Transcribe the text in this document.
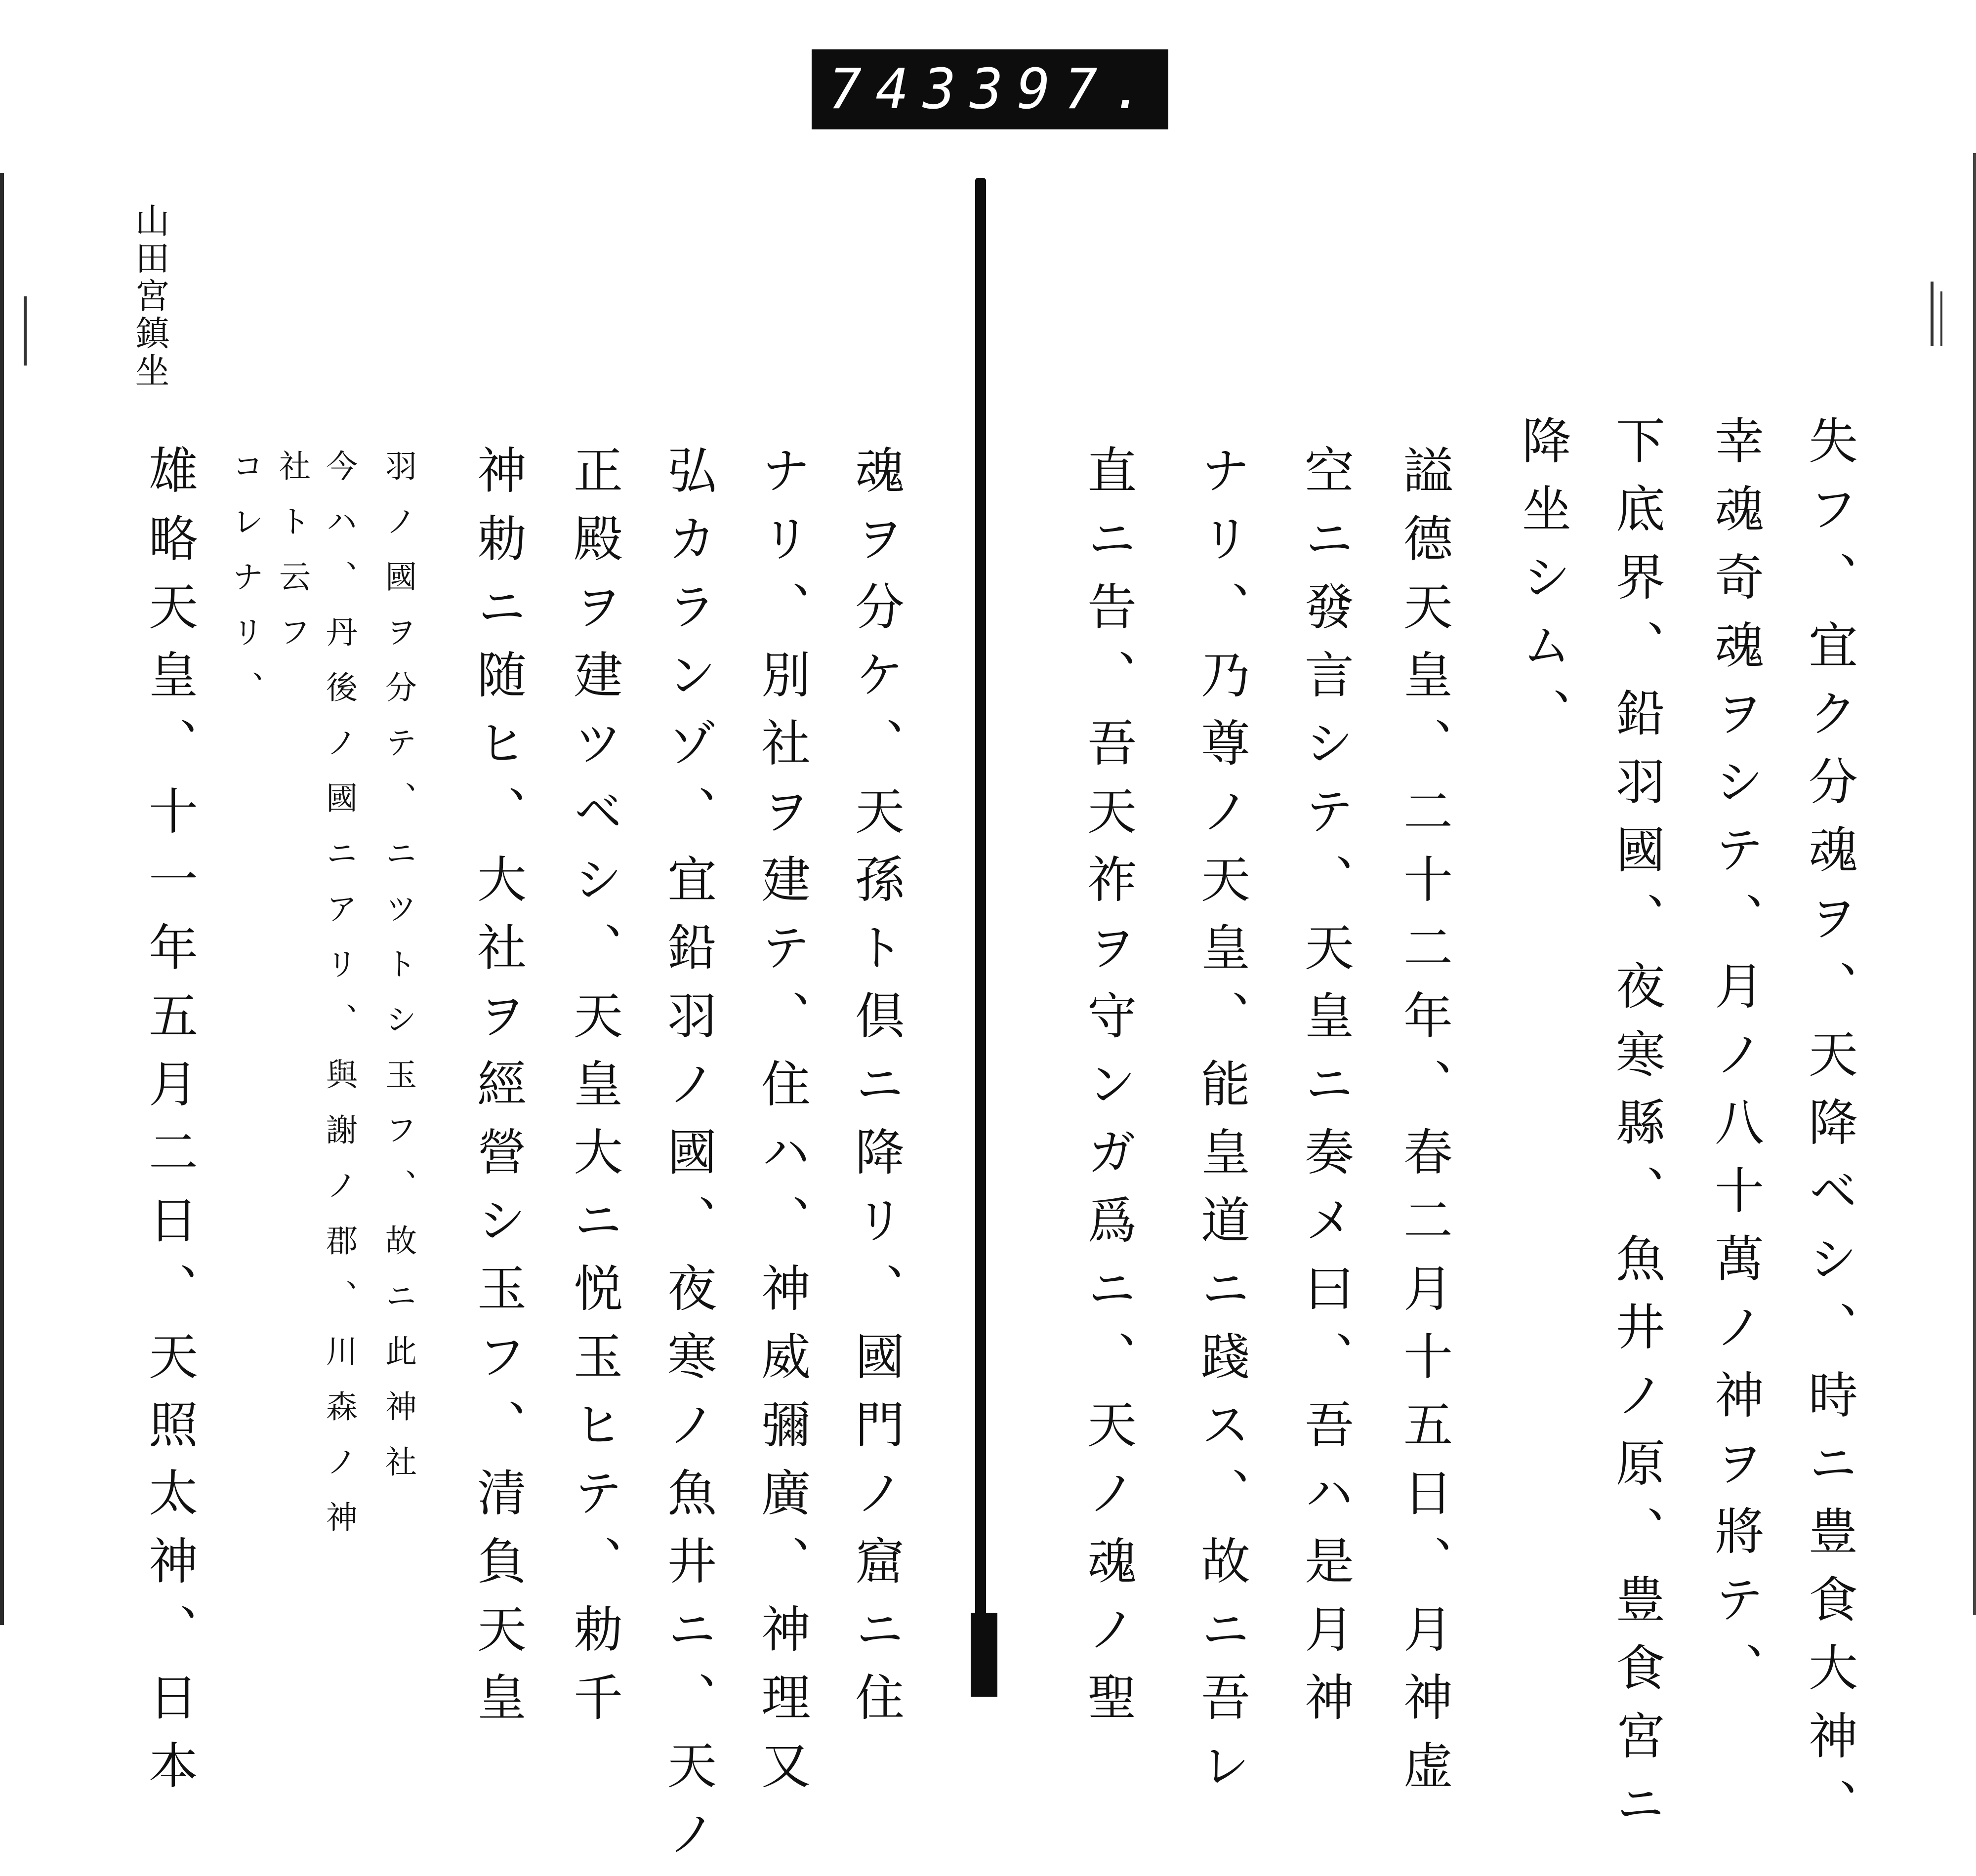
743 397.
山田宮鎮坐
魂ヲ分ケ、天孫ト倶ニ降リ、國門ノ窟ニ住
ナリ、別社ヲ建テ、住ハ、神威彌廣、神理又
弘カランゾ、宜鉛羽ノ國、夜寒ノ魚井ニ、天ノ
正殿ヲ建ツベシ、天皇大ニ悦玉ヒテ、勅千
神勅ニ随ヒ、大社ヲ經營シ玉フ、清負天皇
羽ノ國ヲ分テ、ニツトシ玉フ、故ニ此神社
今ハ、丹後ノ國ニアリ、與謝ノ郡、川森ノ神
社ト云フ
コレナリ、
雄略天皇、十一年五月二日、天照太神、日本	失フ、宜ク分魂ヲ、天降ベシ、時ニ豊食大神、
幸魂奇魂ヲシテ、月ノ八十萬ノ神ヲ將テ、
下底界、鉛羽國、夜寒縣、魚井ノ原、豊食宮ニ
降坐シム、
謚德天皇、二十二年、春二月十五日、月神虚
空ニ發言シテ、天皇ニ奏メ曰、吾ハ是月神
ナリ、乃尊ノ天皇、能皇道ニ踐ス、故ニ吾レ
直ニ告、吾天祚ヲ守ンガ爲ニ、天ノ魂ノ聖
